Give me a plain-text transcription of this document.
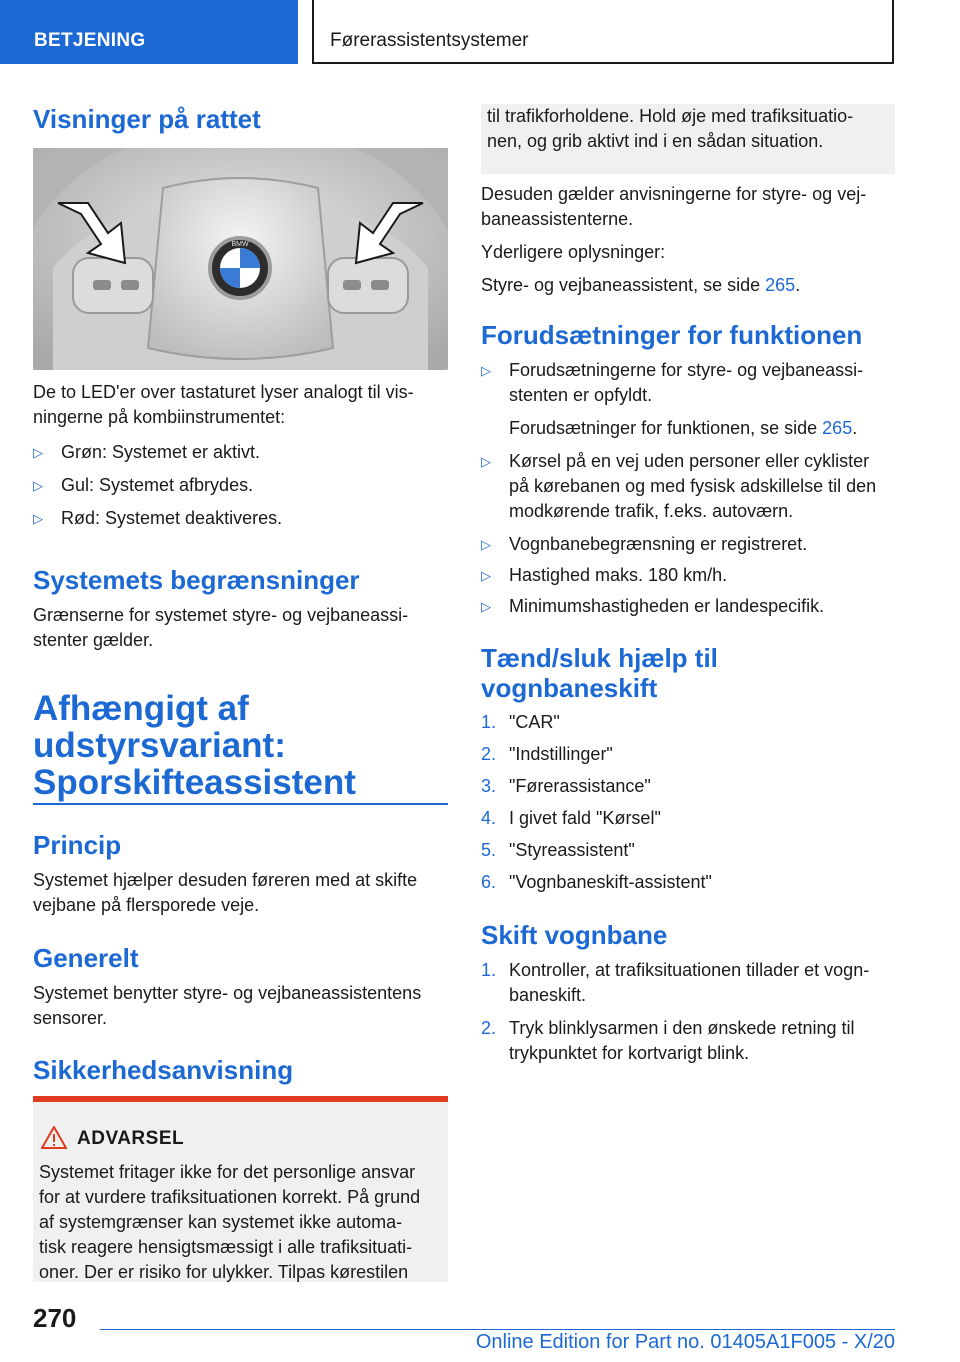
BETJENING	Førerassistentsystemer
Visninger på rattet
De to LED'er over tastaturet lyser analogt til vis-
ningerne på kombiinstrumentet:
▷ Grøn: Systemet er aktivt.
▷ Gul: Systemet afbrydes.
▷ Rød: Systemet deaktiveres.
Systemets begrænsninger
Grænserne for systemet styre- og vejbaneassi-
stenter gælder.
Afhængigt af
udstyrsvariant:
Sporskifteassistent
Princip
Systemet hjælper desuden føreren med at skifte
vejbane på flersporede veje.
Generelt
Systemet benytter styre- og vejbaneassistentens
sensorer.
Sikkerhedsanvisning
BMW
ADVARSEL
Systemet fritager ikke for det personlige ansvar
for at vurdere trafiksituationen korrekt. På grund
af systemgrænser kan systemet ikke automa-
tisk reagere hensigtsmæssigt i alle trafiksituati-
oner. Der er risiko for ulykker. Tilpas kørestilen
til trafikforholdene. Hold øje med trafiksituatio-
nen, og grib aktivt ind i en sådan situation.
Desuden gælder anvisningerne for styre- og vej-
baneassistenterne.
Yderligere oplysninger:
Styre- og vejbaneassistent, se side 265.
Forudsætninger for funktionen
▷ Forudsætningerne for styre- og vejbaneassi-
stenten er opfyldt.
Forudsætninger for funktionen, se side 265.
▷ Kørsel på en vej uden personer eller cyklister
på kørebanen og med fysisk adskillelse til den
modkørende trafik, f.eks. autoværn.
▷ Vognbanebegrænsning er registreret.
▷ Hastighed maks. 180 km/h.
▷ Minimumshastigheden er landespecifik.
Tænd/sluk hjælp til
vognbaneskift
1. "CAR"
2. "Indstillinger"
3. "Førerassistance"
4. I givet fald "Kørsel"
5. "Styreassistent"
6. "Vognbaneskift-assistent"
Skift vognbane
1. Kontroller, at trafiksituationen tillader et vogn-
baneskift.
2. Tryk blinklysarmen i den ønskede retning til
trykpunktet for kortvarigt blink.
270
Online Edition for Part no. 01405A1F005 - X/20
